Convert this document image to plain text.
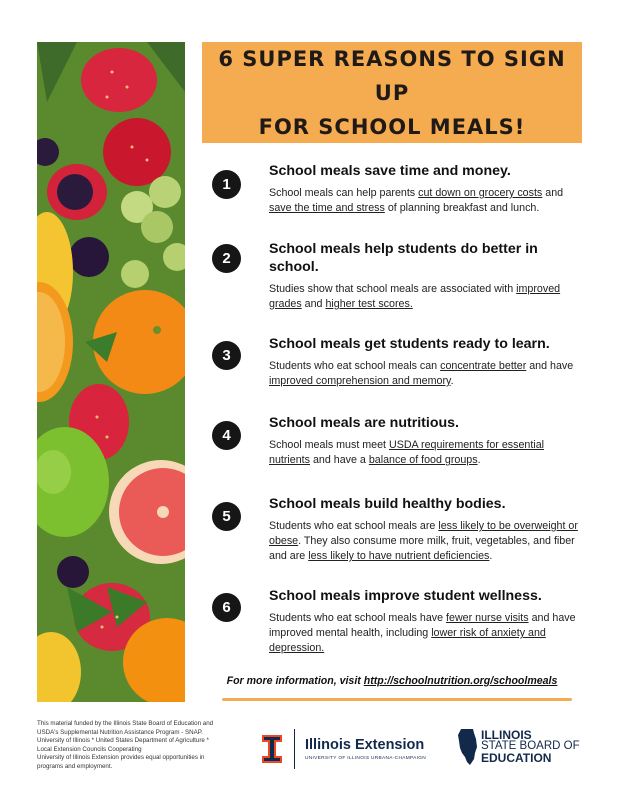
6 SUPER REASONS TO SIGN UP
FOR SCHOOL MEALS!
1
School meals save time and money.

School meals can help parents cut down on grocery costs and save the time and stress of planning breakfast and lunch.

2
School meals help students do better in school.

Studies show that school meals are associated with improved grades and higher test scores.

3
School meals get students ready to learn.

Students who eat school meals can concentrate better and have improved comprehension and memory.

4
School meals are nutritious.

School meals must meet USDA requirements for essential nutrients and have a balance of food groups.

5
School meals build healthy bodies.

Students who eat school meals are less likely to be overweight or obese. They also consume more milk, fruit, vegetables, and fiber and are less likely to have nutrient deficiencies.

6
School meals improve student wellness.

Students who eat school meals have fewer nurse visits and have improved mental health, including lower risk of anxiety and depression.

For more information, visit http://schoolnutrition.org/schoolmeals
This material funded by the Illinois State Board of Education and USDA's Supplemental Nutrition Assistance Program - SNAP.
University of Illinois * United States Department of Agriculture * Local Extension Councils Cooperating
University of Illinois Extension provides equal opportunities in programs and employment.
Illinois Extension
UNIVERSITY OF ILLINOIS URBANA-CHAMPAIGN
ILLINOIS
STATE BOARD OF
EDUCATION
